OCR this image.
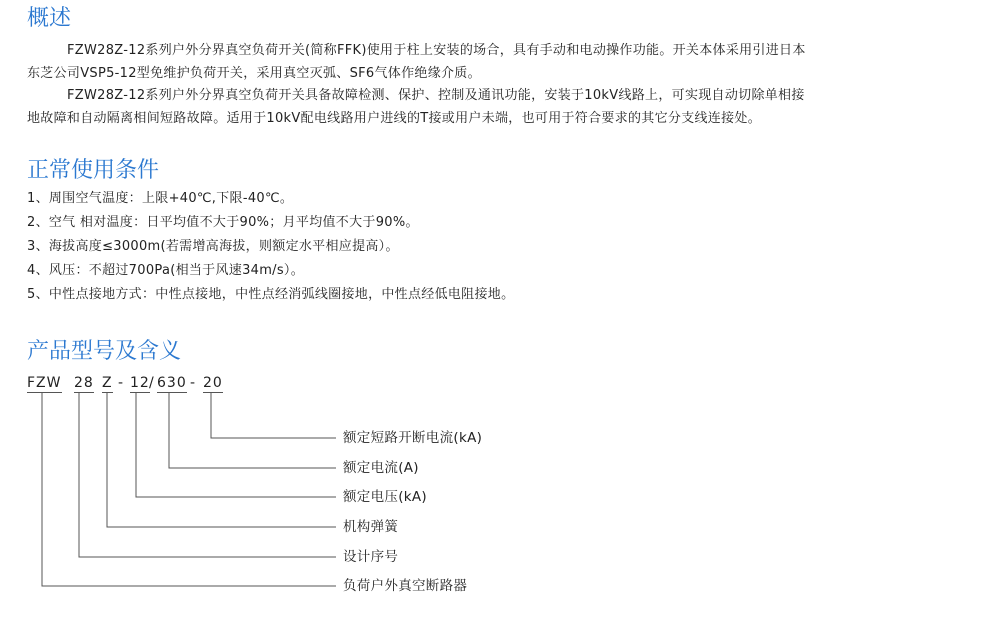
概述

FZW28Z-12系列户外分界真空负荷开关(简称FFK)使用于柱上安装的场合，具有手动和电动操作功能。开关本体采用引进日本
东芝公司VSP5-12型免维护负荷开关，采用真空灭弧、SF6气体作绝缘介质。

FZW28Z-12系列户外分界真空负荷开关具备故障检测、保护、控制及通讯功能，安装于10kV线路上，可实现自动切除单相接
地故障和自动隔离相间短路故障。适用于10kV配电线路用户进线的T接或用户未端，也可用于符合要求的其它分支线连接处。

正常使用条件
1、周围空气温度：上限+40℃,下限-40℃。
2、空气 相对温度：日平均值不大于90%；月平均值不大于90%。
3、海拔高度≤3000m(若需增高海拔，则额定水平相应提高）。
4、风压：不超过700Pa(相当于风速34m/s）。
5、中性点接地方式：中性点接地，中性点经消弧线圈接地，中性点经低电阻接地。
产品型号及含义
FZW 28 Z - 12 / 630 - 20
额定短路开断电流(kA)
额定电流(A)
额定电压(kA)
机构弹簧
设计序号
负荷户外真空断路器
